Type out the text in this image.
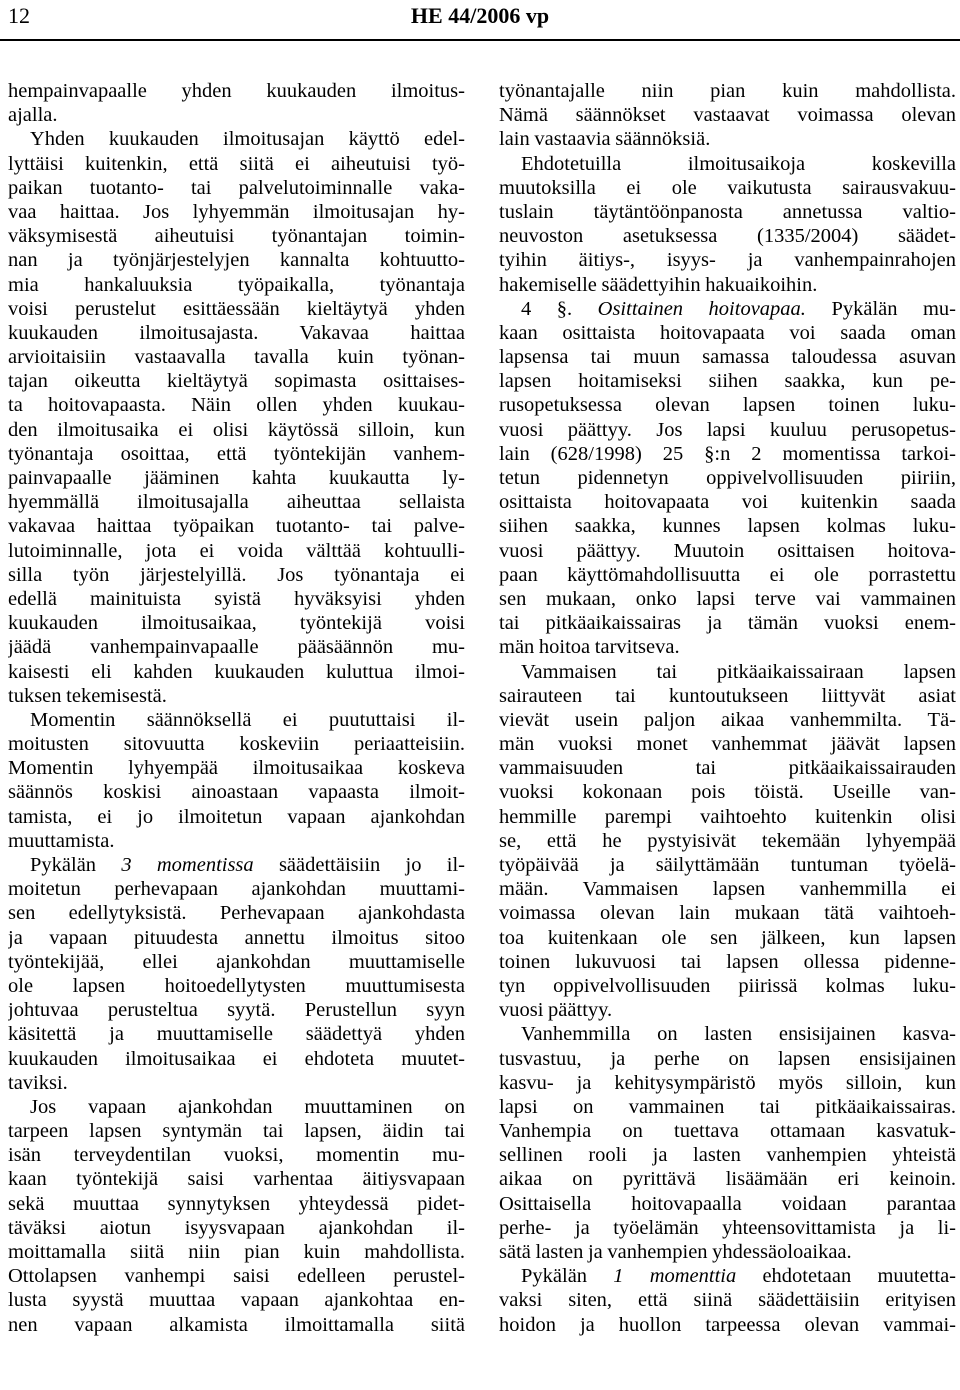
12	HE 44/2006 vp
hempainvapaalle yhden kuukauden ilmoitus-
ajalla.
Yhden kuukauden ilmoitusajan käyttö edel-
lyttäisi kuitenkin, että siitä ei aiheutuisi työ-
paikan tuotanto- tai palvelutoiminnalle vaka-
vaa haittaa. Jos lyhyemmän ilmoitusajan hy-
väksymisestä aiheutuisi työnantajan toimin-
nan ja työnjärjestelyjen kannalta kohtuutto-
mia hankaluuksia työpaikalla, työnantaja
voisi perustelut esittäessään kieltäytyä yhden
kuukauden ilmoitusajasta. Vakavaa haittaa
arvioitaisiin vastaavalla tavalla kuin työnan-
tajan oikeutta kieltäytyä sopimasta osittaises-
ta hoitovapaasta. Näin ollen yhden kuukau-
den ilmoitusaika ei olisi käytössä silloin, kun
työnantaja osoittaa, että työntekijän vanhem-
painvapaalle jääminen kahta kuukautta ly-
hyemmällä ilmoitusajalla aiheuttaa sellaista
vakavaa haittaa työpaikan tuotanto- tai palve-
lutoiminnalle, jota ei voida välttää kohtuulli-
silla työn järjestelyillä. Jos työnantaja ei
edellä mainituista syistä hyväksyisi yhden
kuukauden ilmoitusaikaa, työntekijä voisi
jäädä vanhempainvapaalle pääsäännön mu-
kaisesti eli kahden kuukauden kuluttua ilmoi-
tuksen tekemisestä.
Momentin säännöksellä ei puututtaisi il-
moitusten sitovuutta koskeviin periaatteisiin.
Momentin lyhyempää ilmoitusaikaa koskeva
säännös koskisi ainoastaan vapaasta ilmoit-
tamista, ei jo ilmoitetun vapaan ajankohdan
muuttamista.
Pykälän 3 momentissa säädettäisiin jo il-
moitetun perhevapaan ajankohdan muuttami-
sen edellytyksistä. Perhevapaan ajankohdasta
ja vapaan pituudesta annettu ilmoitus sitoo
työntekijää, ellei ajankohdan muuttamiselle
ole lapsen hoitoedellytysten muuttumisesta
johtuvaa perusteltua syytä. Perustellun syyn
käsitettä ja muuttamiselle säädettyä yhden
kuukauden ilmoitusaikaa ei ehdoteta muutet-
taviksi.
Jos vapaan ajankohdan muuttaminen on
tarpeen lapsen syntymän tai lapsen, äidin tai
isän terveydentilan vuoksi, momentin mu-
kaan työntekijä saisi varhentaa äitiysvapaan
sekä muuttaa synnytyksen yhteydessä pidet-
täväksi aiotun isyysvapaan ajankohdan il-
moittamalla siitä niin pian kuin mahdollista.
Ottolapsen vanhempi saisi edelleen perustel-
lusta syystä muuttaa vapaan ajankohtaa en-
nen vapaan alkamista ilmoittamalla siitä
työnantajalle niin pian kuin mahdollista.
Nämä säännökset vastaavat voimassa olevan
lain vastaavia säännöksiä.
Ehdotetuilla ilmoitusaikoja koskevilla
muutoksilla ei ole vaikutusta sairausvakuu-
tuslain täytäntöönpanosta annetussa valtio-
neuvoston asetuksessa (1335/2004) säädet-
tyihin äitiys-, isyys- ja vanhempainrahojen
hakemiselle säädettyihin hakuaikoihin.
4 §. Osittainen hoitovapaa. Pykälän mu-
kaan osittaista hoitovapaata voi saada oman
lapsensa tai muun samassa taloudessa asuvan
lapsen hoitamiseksi siihen saakka, kun pe-
rusopetuksessa olevan lapsen toinen luku-
vuosi päättyy. Jos lapsi kuuluu perusopetus-
lain (628/1998) 25 §:n 2 momentissa tarkoi-
tetun pidennetyn oppivelvollisuuden piiriin,
osittaista hoitovapaata voi kuitenkin saada
siihen saakka, kunnes lapsen kolmas luku-
vuosi päättyy. Muutoin osittaisen hoitova-
paan käyttömahdollisuutta ei ole porrastettu
sen mukaan, onko lapsi terve vai vammainen
tai pitkäaikaissairas ja tämän vuoksi enem-
män hoitoa tarvitseva.
Vammaisen tai pitkäaikaissairaan lapsen
sairauteen tai kuntoutukseen liittyvät asiat
vievät usein paljon aikaa vanhemmilta. Tä-
män vuoksi monet vanhemmat jäävät lapsen
vammaisuuden tai pitkäaikaissairauden
vuoksi kokonaan pois töistä. Useille van-
hemmille parempi vaihtoehto kuitenkin olisi
se, että he pystyisivät tekemään lyhyempää
työpäivää ja säilyttämään tuntuman työelä-
mään. Vammaisen lapsen vanhemmilla ei
voimassa olevan lain mukaan tätä vaihtoeh-
toa kuitenkaan ole sen jälkeen, kun lapsen
toinen lukuvuosi tai lapsen ollessa pidenne-
tyn oppivelvollisuuden piirissä kolmas luku-
vuosi päättyy.
Vanhemmilla on lasten ensisijainen kasva-
tusvastuu, ja perhe on lapsen ensisijainen
kasvu- ja kehitysympäristö myös silloin, kun
lapsi on vammainen tai pitkäaikaissairas.
Vanhempia on tuettava ottamaan kasvatuk-
sellinen rooli ja lasten vanhempien yhteistä
aikaa on pyrittävä lisäämään eri keinoin.
Osittaisella hoitovapaalla voidaan parantaa
perhe- ja työelämän yhteensovittamista ja li-
sätä lasten ja vanhempien yhdessäoloaikaa.
Pykälän 1 momenttia ehdotetaan muutetta-
vaksi siten, että siinä säädettäisiin erityisen
hoidon ja huollon tarpeessa olevan vammai-
